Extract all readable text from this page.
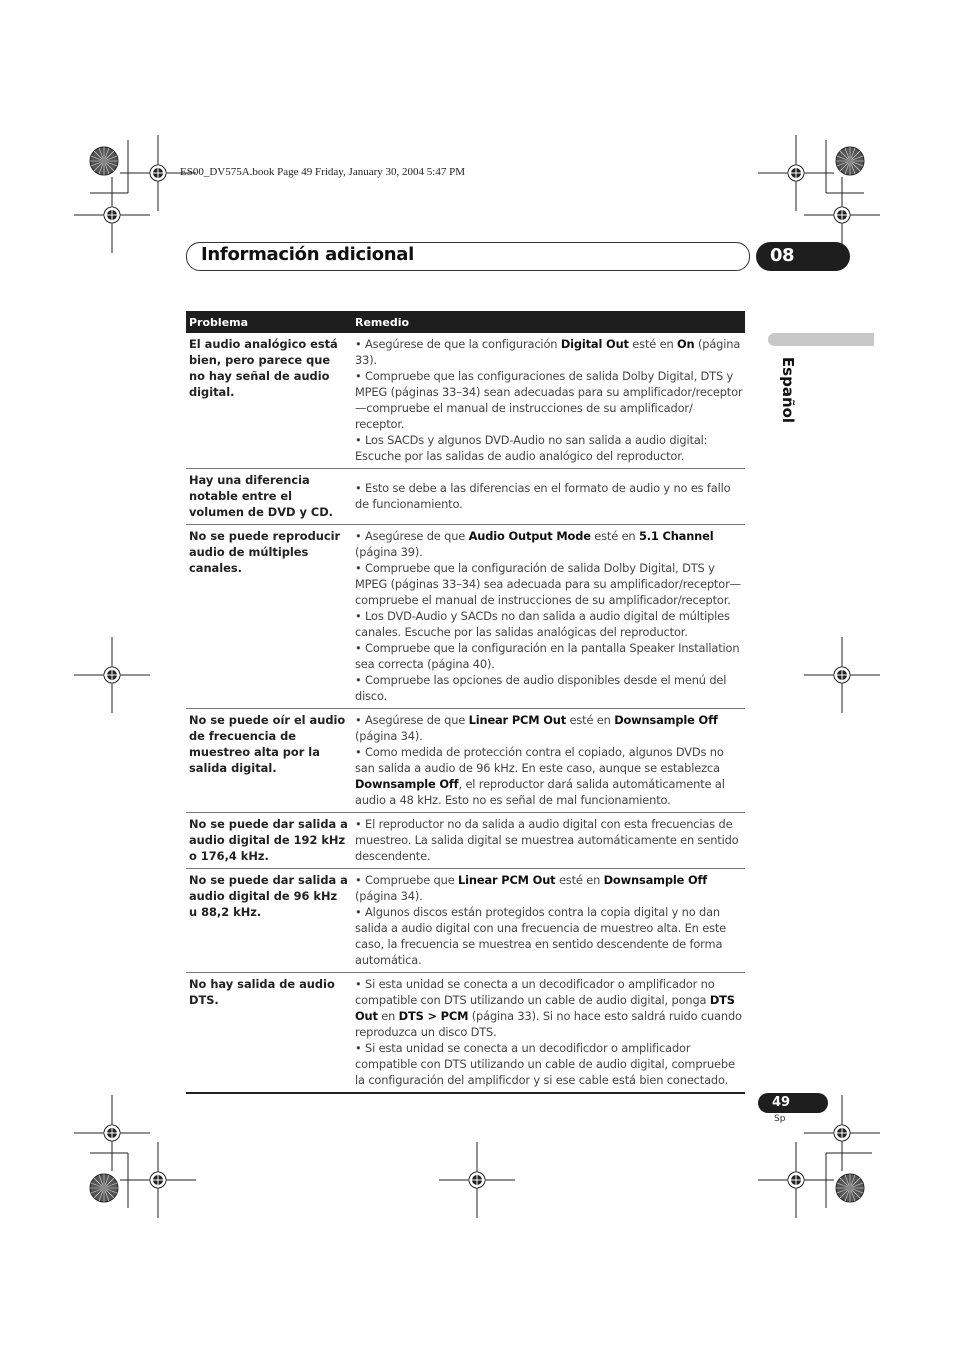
ES00_DV575A.book Page 49 Friday, January 30, 2004 5:47 PM
Información adicional	08
Español
Problema	Remedio
El audio analógico está bien, pero parece que no hay señal de audio digital.	• Asegúrese de que la configuración Digital Out esté en On (página 33).
• Compruebe que las configuraciones de salida Dolby Digital, DTS y MPEG (páginas 33–34) sean adecuadas para su amplificador/receptor —compruebe el manual de instrucciones de su amplificador/ receptor.
• Los SACDs y algunos DVD-Audio no san salida a audio digital: Escuche por las salidas de audio analógico del reproductor.

Hay una diferencia notable entre el volumen de DVD y CD.	• Esto se debe a las diferencias en el formato de audio y no es fallo de funcionamiento.

No se puede reproducir audio de múltiples canales.	• Asegúrese de que Audio Output Mode esté en 5.1 Channel (página 39).
• Compruebe que la configuración de salida Dolby Digital, DTS y MPEG (páginas 33–34) sea adecuada para su amplificador/receptor— compruebe el manual de instrucciones de su amplificador/receptor.
• Los DVD-Audio y SACDs no dan salida a audio digital de múltiples canales. Escuche por las salidas analógicas del reproductor.
• Compruebe que la configuración en la pantalla Speaker Installation sea correcta (página 40).
• Compruebe las opciones de audio disponibles desde el menú del disco.

No se puede oír el audio de frecuencia de muestreo alta por la salida digital.	• Asegúrese de que Linear PCM Out esté en Downsample Off (página 34).
• Como medida de protección contra el copiado, algunos DVDs no san salida a audio de 96 kHz. En este caso, aunque se establezca Downsample Off, el reproductor dará salida automáticamente al audio a 48 kHz. Esto no es señal de mal funcionamiento.

No se puede dar salida a audio digital de 192 kHz o 176,4 kHz.	• El reproductor no da salida a audio digital con esta frecuencias de muestreo. La salida digital se muestrea automáticamente en sentido descendente.

No se puede dar salida a audio digital de 96 kHz u 88,2 kHz.	• Compruebe que Linear PCM Out esté en Downsample Off (página 34).
• Algunos discos están protegidos contra la copia digital y no dan salida a audio digital con una frecuencia de muestreo alta. En este caso, la frecuencia se muestrea en sentido descendente de forma automática.

No hay salida de audio DTS.	• Si esta unidad se conecta a un decodificador o amplificador no compatible con DTS utilizando un cable de audio digital, ponga DTS Out en DTS > PCM (página 33). Si no hace esto saldrá ruido cuando reproduzca un disco DTS.
• Si esta unidad se conecta a un decodificdor o amplificador compatible con DTS utilizando un cable de audio digital, compruebe la configuración del amplificdor y si ese cable está bien conectado.
49
Sp
